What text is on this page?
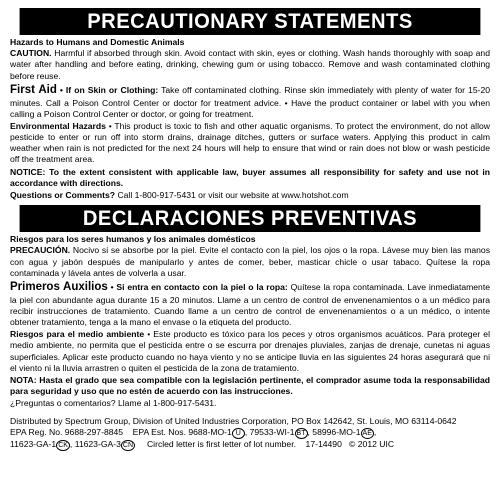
PRECAUTIONARY STATEMENTS
Hazards to Humans and Domestic Animals

CAUTION. Harmful if absorbed through skin. Avoid contact with skin, eyes or clothing. Wash hands thoroughly with soap and water after handling and before eating, drinking, chewing gum or using tobacco. Remove and wash contaminated clothing before reuse.

First Aid • If on Skin or Clothing: Take off contaminated clothing. Rinse skin immediately with plenty of water for 15-20 minutes. Call a Poison Control Center or doctor for treatment advice. • Have the product container or label with you when calling a Poison Control Center or doctor, or going for treatment.

Environmental Hazards • This product is toxic to fish and other aquatic organisms. To protect the environment, do not allow pesticide to enter or run off into storm drains, drainage ditches, gutters or surface waters. Applying this product in calm weather when rain is not predicted for the next 24 hours will help to ensure that wind or rain does not blow or wash pesticide off the treatment area.

NOTICE: To the extent consistent with applicable law, buyer assumes all responsibility for safety and use not in accordance with directions.

Questions or Comments? Call 1-800-917-5431 or visit our website at www.hotshot.com

DECLARACIONES PREVENTIVAS
Riesgos para los seres humanos y los animales domésticos

PRECAUCIÓN. Nocivo si se absorbe por la piel. Evite el contacto con la piel, los ojos o la ropa. Lávese muy bien las manos con agua y jabón después de manipularlo y antes de comer, beber, masticar chicle o usar tabaco. Quítese la ropa contaminada y lávela antes de volverla a usar.

Primeros Auxilios • Si entra en contacto con la piel o la ropa: Quítese la ropa contaminada. Lave inmediatamente la piel con abundante agua durante 15 a 20 minutos. Llame a un centro de control de envenenamientos o a un médico para recibir instrucciones de tratamiento. Cuando llame a un centro de control de envenenamientos o a un médico, o intente obtener tratamiento, tenga a la mano el envase o la etiqueta del producto.

Riesgos para el medio ambiente • Este producto es tóxico para los peces y otros organismos acuáticos. Para proteger el medio ambiente, no permita que el pesticida entre o se escurra por drenajes pluviales, zanjas de drenaje, cunetas ni aguas superficiales. Aplicar este producto cuando no haya viento y no se anticipe lluvia en las siguientes 24 horas asegurará que ni el viento ni la lluvia arrastren o quiten el pesticida de la zona de tratamiento.

NOTA: Hasta el grado que sea compatible con la legislación pertinente, el comprador asume toda la responsabilidad para seguridad y uso que no estén de acuerdo con las instrucciones.

¿Preguntas o comentarios? Llame al 1-800-917-5431.

Distributed by Spectrum Group, Division of United Industries Corporation, PO Box 142642, St. Louis, MO 63114-0642

EPA Reg. No. 9688-297-8845 EPA Est. Nos. 9688-MO-1 U , 79533-WI-1 BT , 58996-MO-1 AE ,

11623-GA-1 CK , 11623-GA-3 CN Circled letter is first letter of lot number. 17-14490 © 2012 UIC
